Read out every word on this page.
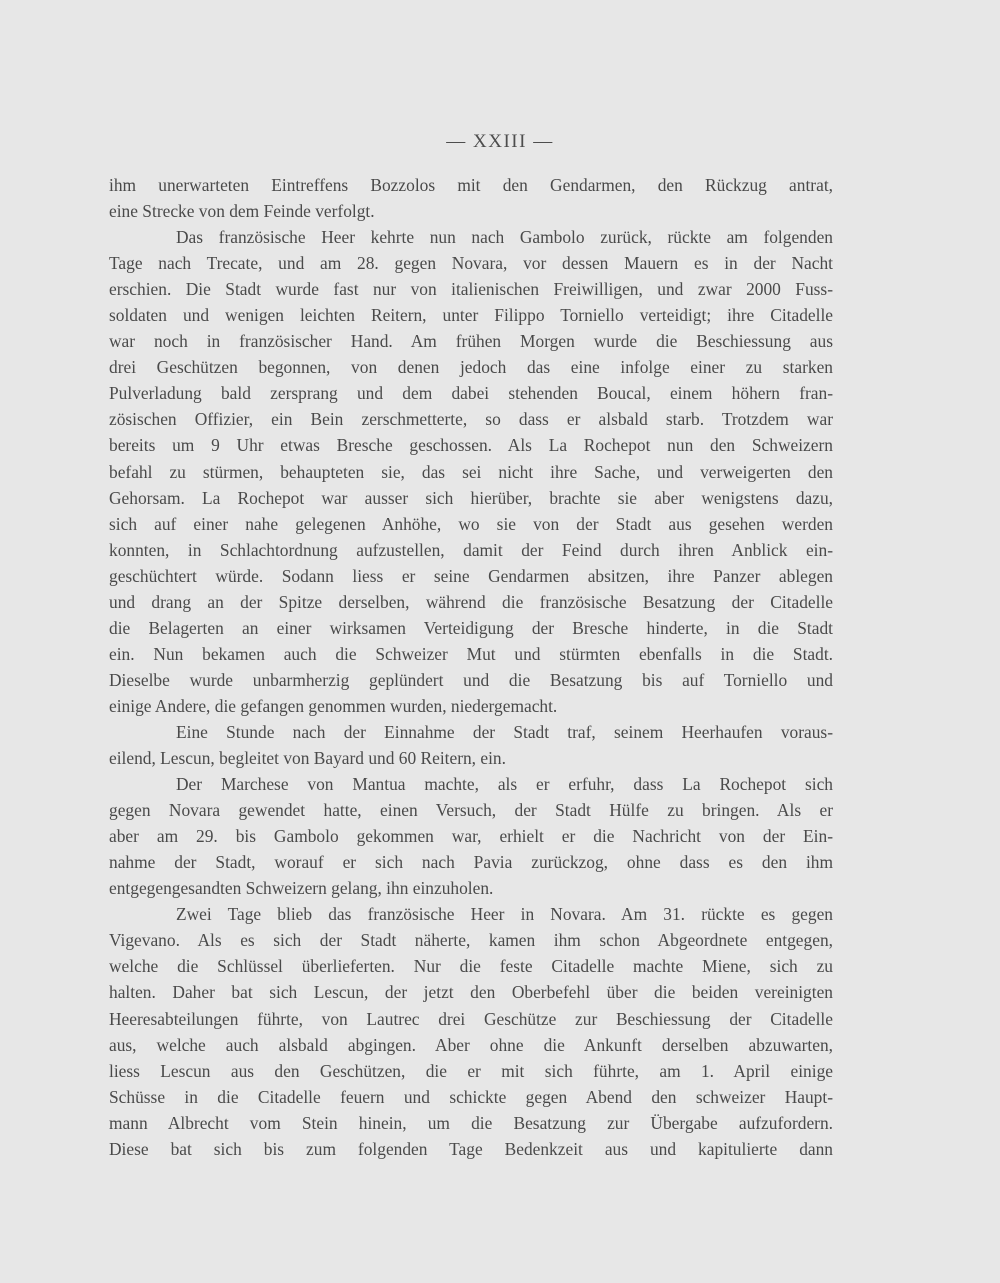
— XXIII —
ihm unerwarteten Eintreffens Bozzolos mit den Gendarmen, den Rückzug antrat,
eine Strecke von dem Feinde verfolgt.
Das französische Heer kehrte nun nach Gambolo zurück, rückte am folgenden
Tage nach Trecate, und am 28. gegen Novara, vor dessen Mauern es in der Nacht
erschien. Die Stadt wurde fast nur von italienischen Freiwilligen, und zwar 2000 Fuss-
soldaten und wenigen leichten Reitern, unter Filippo Torniello verteidigt; ihre Citadelle
war noch in französischer Hand. Am frühen Morgen wurde die Beschiessung aus
drei Geschützen begonnen, von denen jedoch das eine infolge einer zu starken
Pulverladung bald zersprang und dem dabei stehenden Boucal, einem höhern fran-
zösischen Offizier, ein Bein zerschmetterte, so dass er alsbald starb. Trotzdem war
bereits um 9 Uhr etwas Bresche geschossen. Als La Rochepot nun den Schweizern
befahl zu stürmen, behaupteten sie, das sei nicht ihre Sache, und verweigerten den
Gehorsam. La Rochepot war ausser sich hierüber, brachte sie aber wenigstens dazu,
sich auf einer nahe gelegenen Anhöhe, wo sie von der Stadt aus gesehen werden
konnten, in Schlachtordnung aufzustellen, damit der Feind durch ihren Anblick ein-
geschüchtert würde. Sodann liess er seine Gendarmen absitzen, ihre Panzer ablegen
und drang an der Spitze derselben, während die französische Besatzung der Citadelle
die Belagerten an einer wirksamen Verteidigung der Bresche hinderte, in die Stadt
ein. Nun bekamen auch die Schweizer Mut und stürmten ebenfalls in die Stadt.
Dieselbe wurde unbarmherzig geplündert und die Besatzung bis auf Torniello und
einige Andere, die gefangen genommen wurden, niedergemacht.
Eine Stunde nach der Einnahme der Stadt traf, seinem Heerhaufen voraus-
eilend, Lescun, begleitet von Bayard und 60 Reitern, ein.
Der Marchese von Mantua machte, als er erfuhr, dass La Rochepot sich
gegen Novara gewendet hatte, einen Versuch, der Stadt Hülfe zu bringen. Als er
aber am 29. bis Gambolo gekommen war, erhielt er die Nachricht von der Ein-
nahme der Stadt, worauf er sich nach Pavia zurückzog, ohne dass es den ihm
entgegengesandten Schweizern gelang, ihn einzuholen.
Zwei Tage blieb das französische Heer in Novara. Am 31. rückte es gegen
Vigevano. Als es sich der Stadt näherte, kamen ihm schon Abgeordnete entgegen,
welche die Schlüssel überlieferten. Nur die feste Citadelle machte Miene, sich zu
halten. Daher bat sich Lescun, der jetzt den Oberbefehl über die beiden vereinigten
Heeresabteilungen führte, von Lautrec drei Geschütze zur Beschiessung der Citadelle
aus, welche auch alsbald abgingen. Aber ohne die Ankunft derselben abzuwarten,
liess Lescun aus den Geschützen, die er mit sich führte, am 1. April einige
Schüsse in die Citadelle feuern und schickte gegen Abend den schweizer Haupt-
mann Albrecht vom Stein hinein, um die Besatzung zur Übergabe aufzufordern.
Diese bat sich bis zum folgenden Tage Bedenkzeit aus und kapitulierte dann
